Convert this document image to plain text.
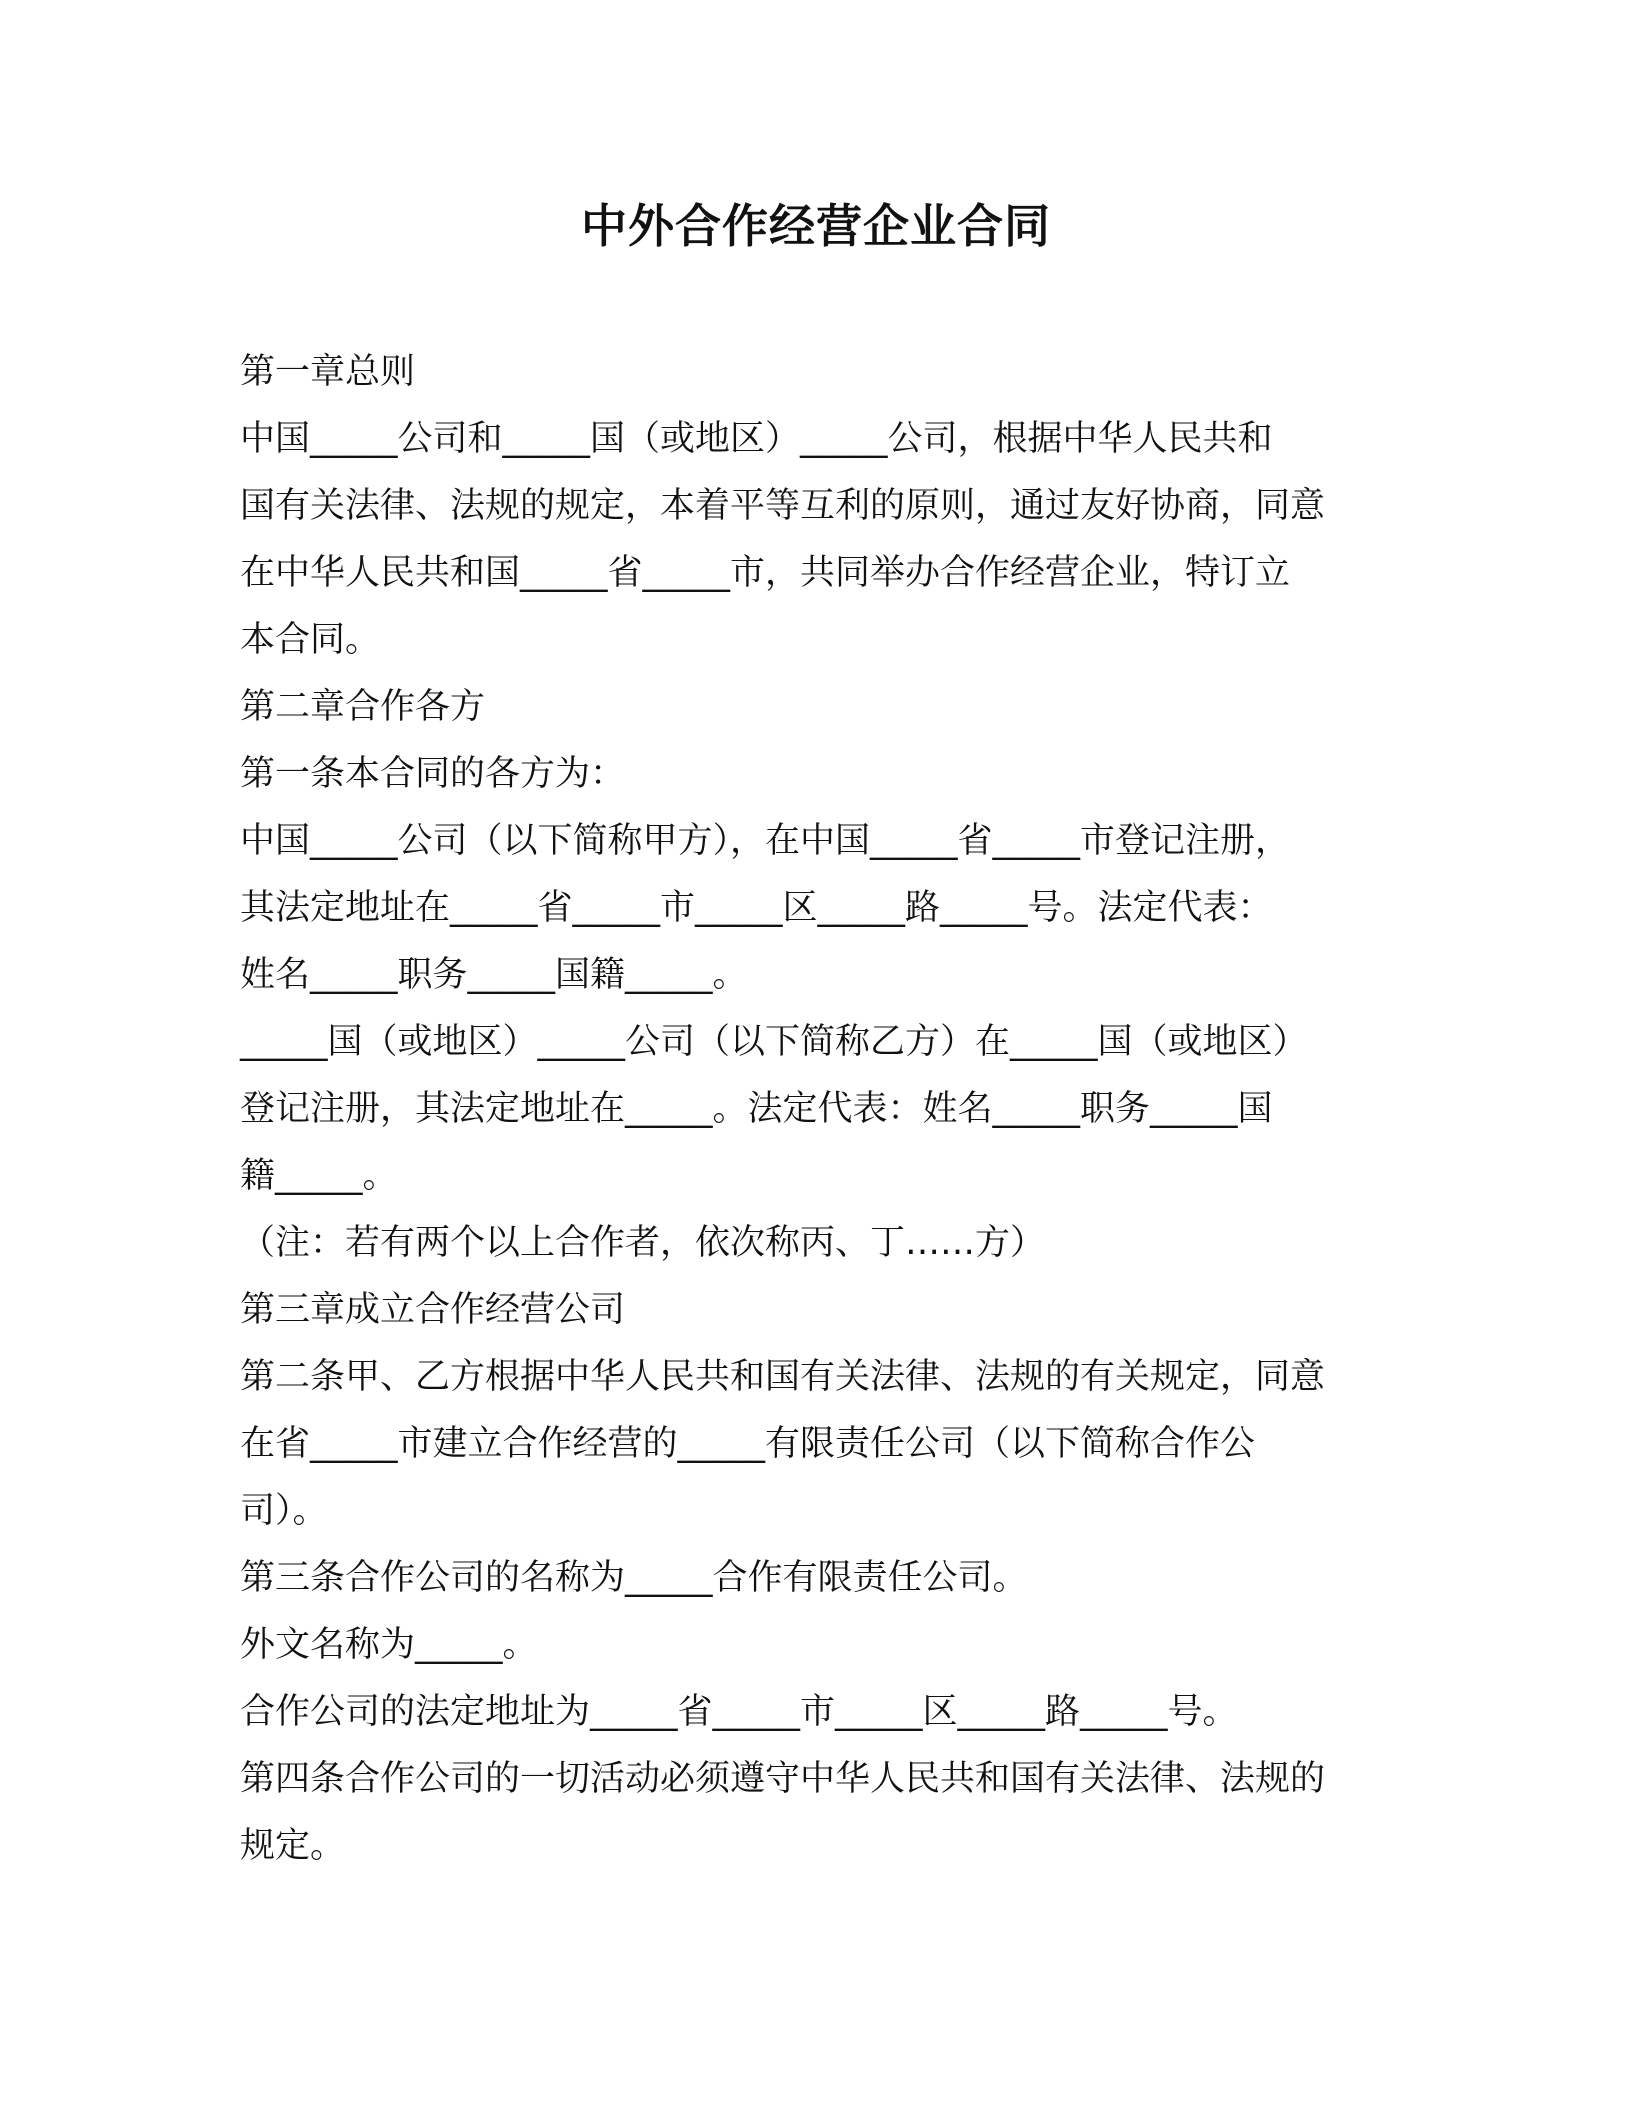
中外合作经营企业合同

第一章总则

中国_____公司和_____国（或地区）_____公司，根据中华人民共和

国有关法律、法规的规定，本着平等互利的原则，通过友好协商，同意

在中华人民共和国_____省_____市，共同举办合作经营企业，特订立

本合同。

第二章合作各方

第一条本合同的各方为：

中国_____公司（以下简称甲方），在中国_____省_____市登记注册，

其法定地址在_____省_____市_____区_____路_____号。法定代表：

姓名_____职务_____国籍_____。

_____国（或地区）_____公司（以下简称乙方）在_____国（或地区）

登记注册，其法定地址在_____。法定代表：姓名_____职务_____国

籍_____。

（注：若有两个以上合作者，依次称丙、丁……方）

第三章成立合作经营公司

第二条甲、乙方根据中华人民共和国有关法律、法规的有关规定，同意

在省_____市建立合作经营的_____有限责任公司（以下简称合作公

司）。

第三条合作公司的名称为_____合作有限责任公司。

外文名称为_____。

合作公司的法定地址为_____省_____市_____区_____路_____号。

第四条合作公司的一切活动必须遵守中华人民共和国有关法律、法规的

规定。
